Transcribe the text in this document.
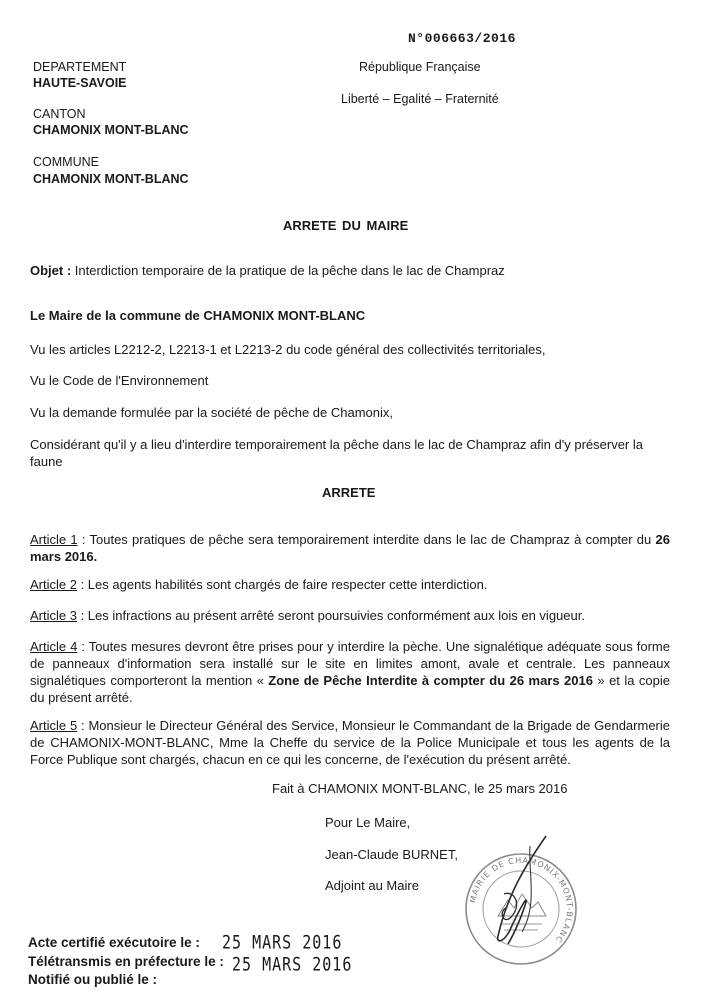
N°006663/2016
DEPARTEMENT
HAUTE-SAVOIE
CANTON
CHAMONIX MONT-BLANC
COMMUNE
CHAMONIX MONT-BLANC
République Française
Liberté – Egalité – Fraternité
ARRETE DU MAIRE
Objet : Interdiction temporaire de la pratique de la pêche dans le lac de Champraz
Le Maire de la commune de CHAMONIX MONT-BLANC
Vu les articles L2212-2, L2213-1 et L2213-2 du code général des collectivités territoriales,
Vu le Code de l'Environnement
Vu la demande formulée par la société de pêche de Chamonix,
Considérant qu'il y a lieu d'interdire temporairement la pêche dans le lac de Champraz afin d'y préserver la faune
ARRETE
Article 1 : Toutes pratiques de pêche sera temporairement interdite dans le lac de Champraz à compter du 26 mars 2016.
Article 2 : Les agents habilités sont chargés de faire respecter cette interdiction.
Article 3 : Les infractions au présent arrêté seront poursuivies conformément aux lois en vigueur.
Article 4 : Toutes mesures devront être prises pour y interdire la pèche. Une signalétique adéquate sous forme de panneaux d'information sera installé sur le site en limites amont, avale et centrale. Les panneaux signalétiques comporteront la mention « Zone de Pêche Interdite à compter du 26 mars 2016 » et la copie du présent arrêté.
Article 5 : Monsieur le Directeur Général des Service, Monsieur le Commandant de la Brigade de Gendarmerie de CHAMONIX-MONT-BLANC, Mme la Cheffe du service de la Police Municipale et tous les agents de la Force Publique sont chargés, chacun en ce qui les concerne, de l'exécution du présent arrêté.
Fait à CHAMONIX MONT-BLANC, le 25 mars 2016
Pour Le Maire,
Jean-Claude BURNET,
Adjoint au Maire
MAIRIE DE CHAMONIX-MONT-BLANC
Acte certifié exécutoire le : 25 MARS 2016
Télétransmis en préfecture le : 25 MARS 2016
Notifié ou publié le :
